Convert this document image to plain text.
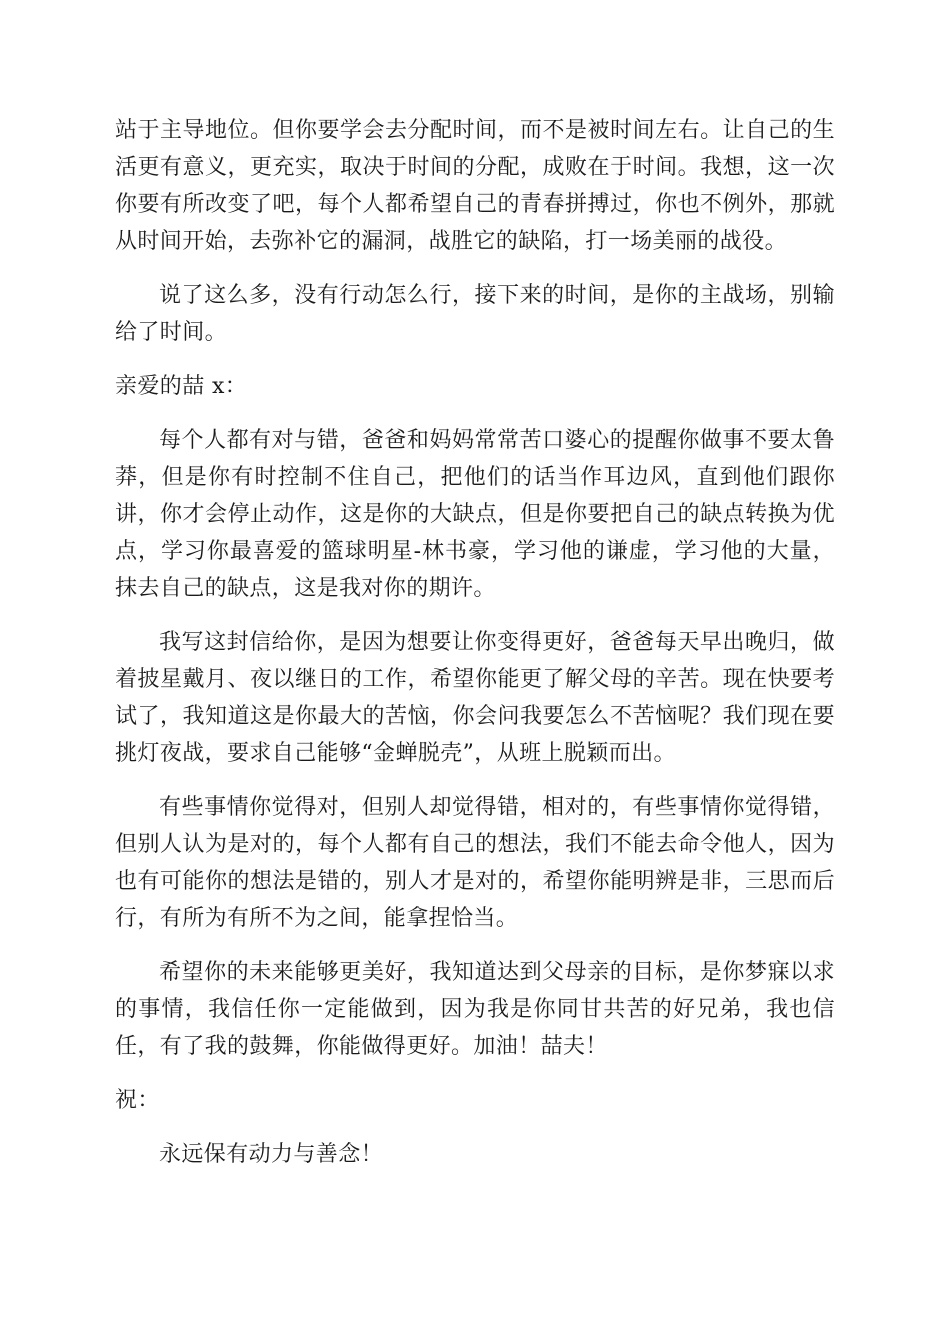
站于主导地位。但你要学会去分配时间，而不是被时间左右。让自己的生活更有意义，更充实，取决于时间的分配，成败在于时间。我想，这一次你要有所改变了吧，每个人都希望自己的青春拼搏过，你也不例外，那就从时间开始，去弥补它的漏洞，战胜它的缺陷，打一场美丽的战役。

说了这么多，没有行动怎么行，接下来的时间，是你的主战场，别输给了时间。

亲爱的喆 x：

每个人都有对与错，爸爸和妈妈常常苦口婆心的提醒你做事不要太鲁莽，但是你有时控制不住自己，把他们的话当作耳边风，直到他们跟你讲，你才会停止动作，这是你的大缺点，但是你要把自己的缺点转换为优点，学习你最喜爱的篮球明星-林书豪，学习他的谦虚，学习他的大量，抹去自己的缺点，这是我对你的期许。

我写这封信给你，是因为想要让你变得更好，爸爸每天早出晚归，做着披星戴月、夜以继日的工作，希望你能更了解父母的辛苦。现在快要考试了，我知道这是你最大的苦恼，你会问我要怎么不苦恼呢？我们现在要挑灯夜战，要求自己能够“金蝉脱壳”，从班上脱颖而出。

有些事情你觉得对，但别人却觉得错，相对的，有些事情你觉得错，但别人认为是对的，每个人都有自己的想法，我们不能去命令他人，因为也有可能你的想法是错的，别人才是对的，希望你能明辨是非，三思而后行，有所为有所不为之间，能拿捏恰当。

希望你的未来能够更美好，我知道达到父母亲的目标，是你梦寐以求的事情，我信任你一定能做到，因为我是你同甘共苦的好兄弟，我也信任，有了我的鼓舞，你能做得更好。加油！喆夫！

祝：

永远保有动力与善念！
